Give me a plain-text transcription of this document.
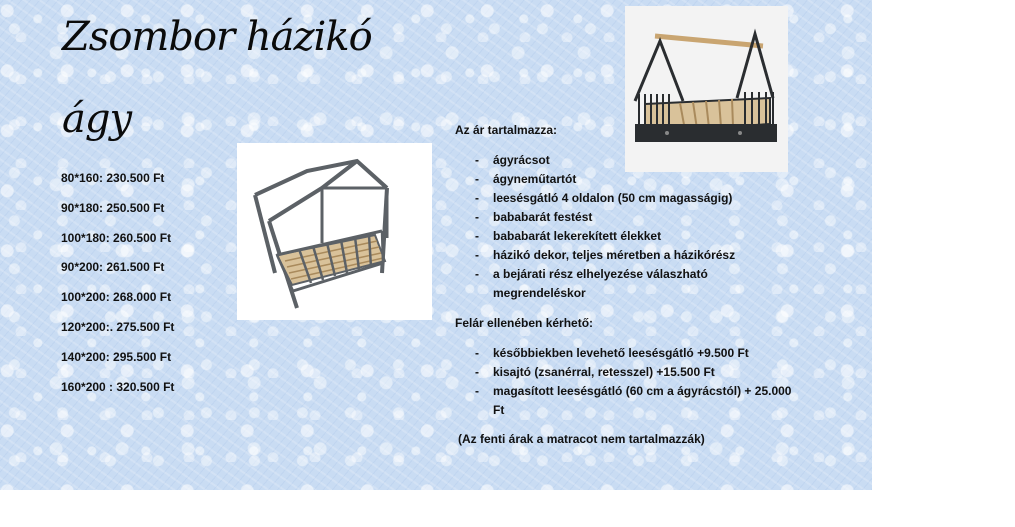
Zsombor házikó
ágy
80*160: 230.500 Ft
90*180: 250.500 Ft
100*180: 260.500 Ft
90*200: 261.500 Ft
100*200: 268.000 Ft
120*200:. 275.500 Ft
140*200: 295.500 Ft
160*200 : 320.500 Ft

Az ár tartalmazza:

- ágyrácsot
- ágyneműtartót
- leesésgátló 4 oldalon (50 cm magasságig)
- bababarát festést
- bababarát lekerekített élekket
- házikó dekor, teljes méretben a házikórész
- a bejárati rész elhelyezése válaszható megrendeléskor

Felár ellenében kérhető:

- későbbiekben levehető leesésgátló +9.500 Ft
- kisajtó (zsanérral, retesszel) +15.500 Ft
- magasított leesésgátló (60 cm a ágyrácstól) + 25.000 Ft

(Az fenti árak a matracot nem tartalmazzák)
